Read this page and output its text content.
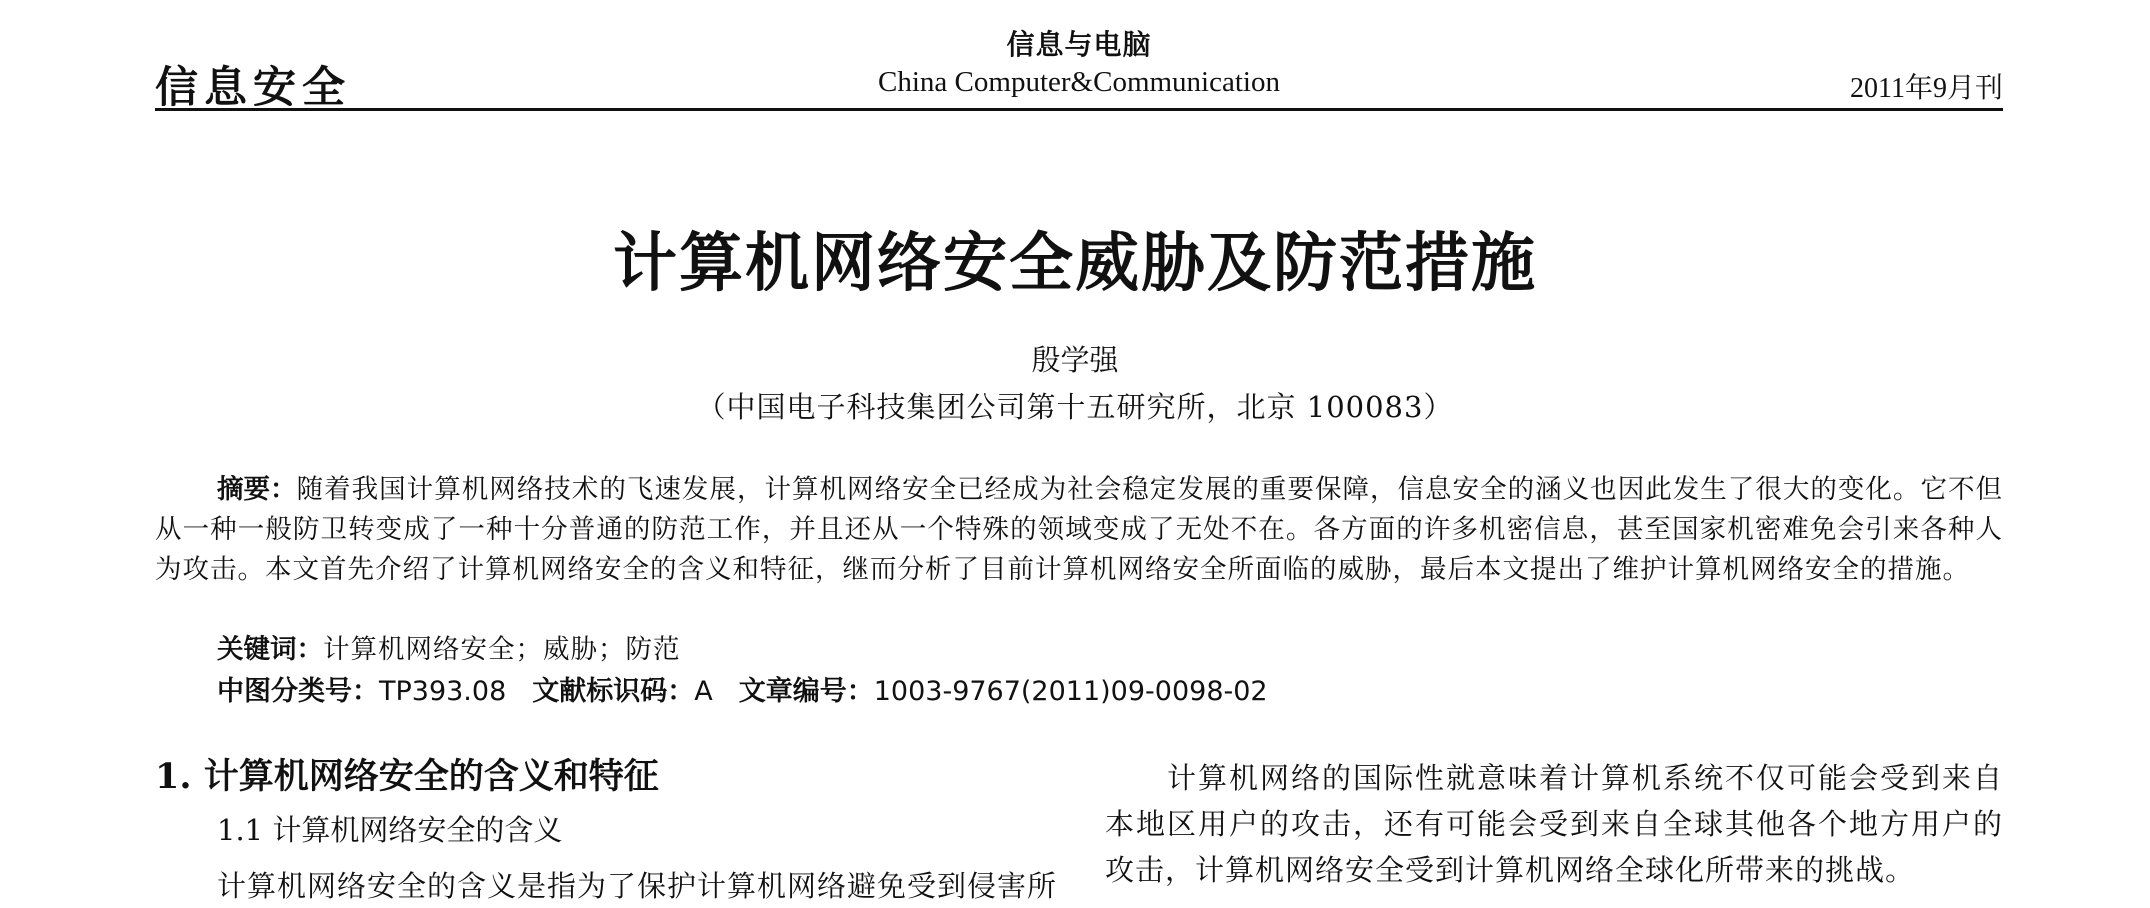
信息安全
信息与电脑
China Computer&Communication	2011年9月刊
计算机网络安全威胁及防范措施
殷学强
（中国电子科技集团公司第十五研究所，北京 100083）
摘要：随着我国计算机网络技术的飞速发展，计算机网络安全已经成为社会稳定发展的重要保障，信息安全的涵义也因此发生了很大的变化。它不但从一种一般防卫转变成了一种十分普通的防范工作，并且还从一个特殊的领域变成了无处不在。各方面的许多机密信息，甚至国家机密难免会引来各种人为攻击。本文首先介绍了计算机网络安全的含义和特征，继而分析了目前计算机网络安全所面临的威胁，最后本文提出了维护计算机网络安全的措施。
关键词：计算机网络安全；威胁；防范
中图分类号：TP393.08 文献标识码：A 文章编号：1003-9767(2011)09-0098-02
1. 计算机网络安全的含义和特征
1.1 计算机网络安全的含义
计算机网络安全的含义是指为了保护计算机网络避免受到侵害所
计算机网络的国际性就意味着计算机系统不仅可能会受到来自本地区用户的攻击，还有可能会受到来自全球其他各个地方用户的攻击，计算机网络安全受到计算机网络全球化所带来的挑战。
